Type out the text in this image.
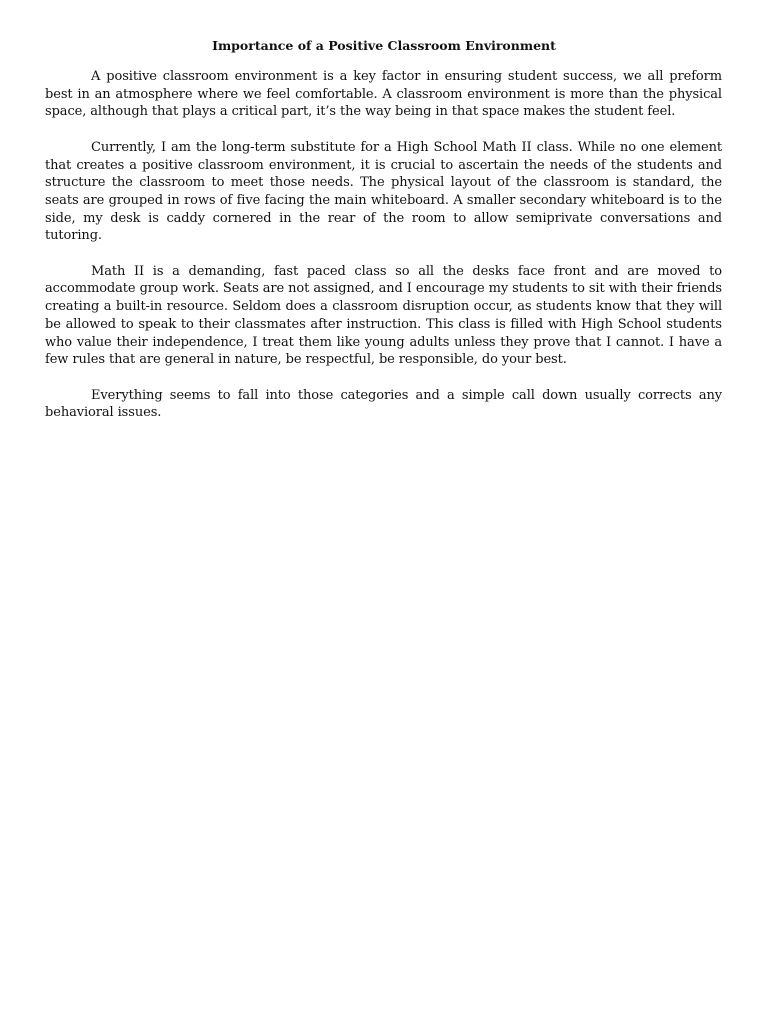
Importance of a Positive Classroom Environment

A positive classroom environment is a key factor in ensuring student success, we all preform best in an atmosphere where we feel comfortable. A classroom environment is more than the physical space, although that plays a critical part, it’s the way being in that space makes the student feel.

Currently, I am the long-term substitute for a High School Math II class. While no one element that creates a positive classroom environment, it is crucial to ascertain the needs of the students and structure the classroom to meet those needs. The physical layout of the classroom is standard, the seats are grouped in rows of five facing the main whiteboard. A smaller secondary whiteboard is to the side, my desk is caddy cornered in the rear of the room to allow semiprivate conversations and tutoring.

Math II is a demanding, fast paced class so all the desks face front and are moved to accommodate group work. Seats are not assigned, and I encourage my students to sit with their friends creating a built-in resource. Seldom does a classroom disruption occur, as students know that they will be allowed to speak to their classmates after instruction. This class is filled with High School students who value their independence, I treat them like young adults unless they prove that I cannot. I have a few rules that are general in nature, be respectful, be responsible, do your best.

Everything seems to fall into those categories and a simple call down usually corrects any behavioral issues.
